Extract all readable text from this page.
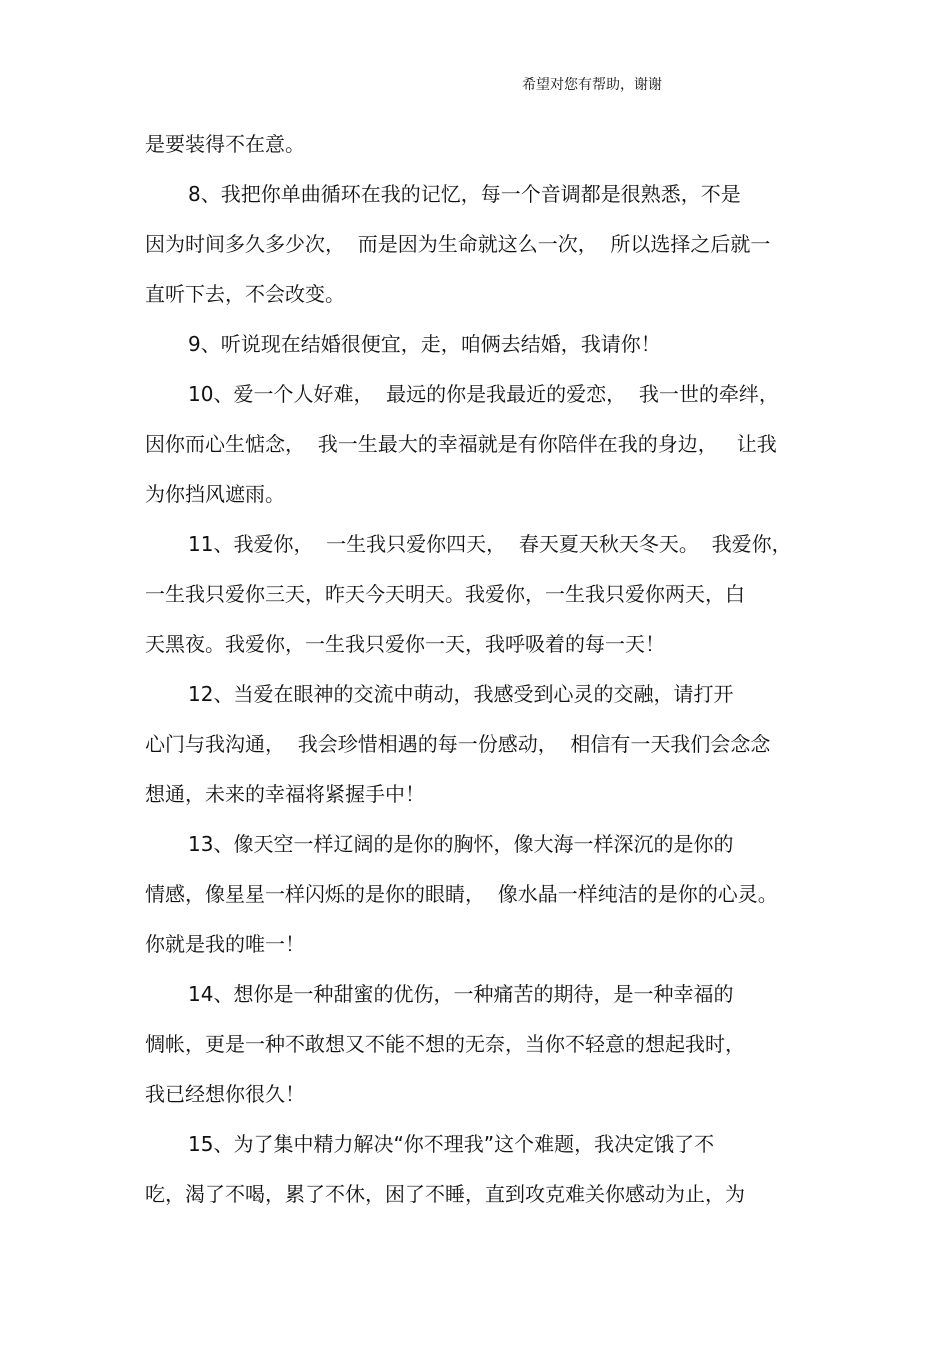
希望对您有帮助，谢谢
是要装得不在意。
8、我把你单曲循环在我的记忆，每一个音调都是很熟悉，不是
因为时间多久多少次，  而是因为生命就这么一次，  所以选择之后就一
直听下去，不会改变。
9、听说现在结婚很便宜，走，咱俩去结婚，我请你！
10、爱一个人好难，  最远的你是我最近的爱恋，  我一世的牵绊，
因你而心生惦念，  我一生最大的幸福就是有你陪伴在我的身边，   让我
为你挡风遮雨。
11、我爱你，  一生我只爱你四天，  春天夏天秋天冬天。  我爱你，
一生我只爱你三天，昨天今天明天。我爱你，一生我只爱你两天，白
天黑夜。我爱你，一生我只爱你一天，我呼吸着的每一天！
12、当爱在眼神的交流中萌动，我感受到心灵的交融，请打开
心门与我沟通，  我会珍惜相遇的每一份感动，  相信有一天我们会念念
想通，未来的幸福将紧握手中！
13、像天空一样辽阔的是你的胸怀，像大海一样深沉的是你的
情感，像星星一样闪烁的是你的眼睛，  像水晶一样纯洁的是你的心灵。
你就是我的唯一！
14、想你是一种甜蜜的优伤，一种痛苦的期待，是一种幸福的
惆帐，更是一种不敢想又不能不想的无奈，当你不轻意的想起我时，
我已经想你很久！
15、为了集中精力解决“你不理我”这个难题，我决定饿了不
吃，渴了不喝，累了不休，困了不睡，直到攻克难关你感动为止，为
